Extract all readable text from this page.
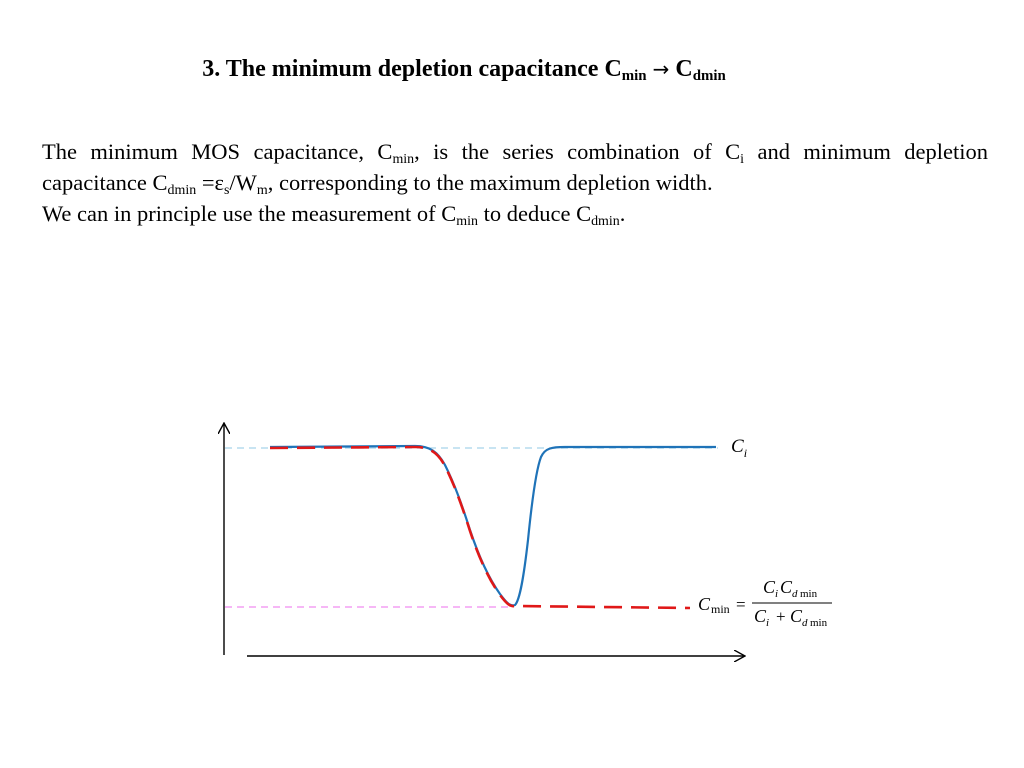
3. The minimum depletion capacitance $C_{min} \to C_{dmin}$
The minimum MOS capacitance, $C_{min}$, is the series combination of $C_i$ and minimum depletion capacitance $C_{dmin} =\varepsilon_s/W_m$, corresponding to the maximum depletion width.
We can in principle use the measurement of $C_{min}$ to deduce $C_{dmin}$.
$C_i$
C min =
C i C d min
C i + C d min
